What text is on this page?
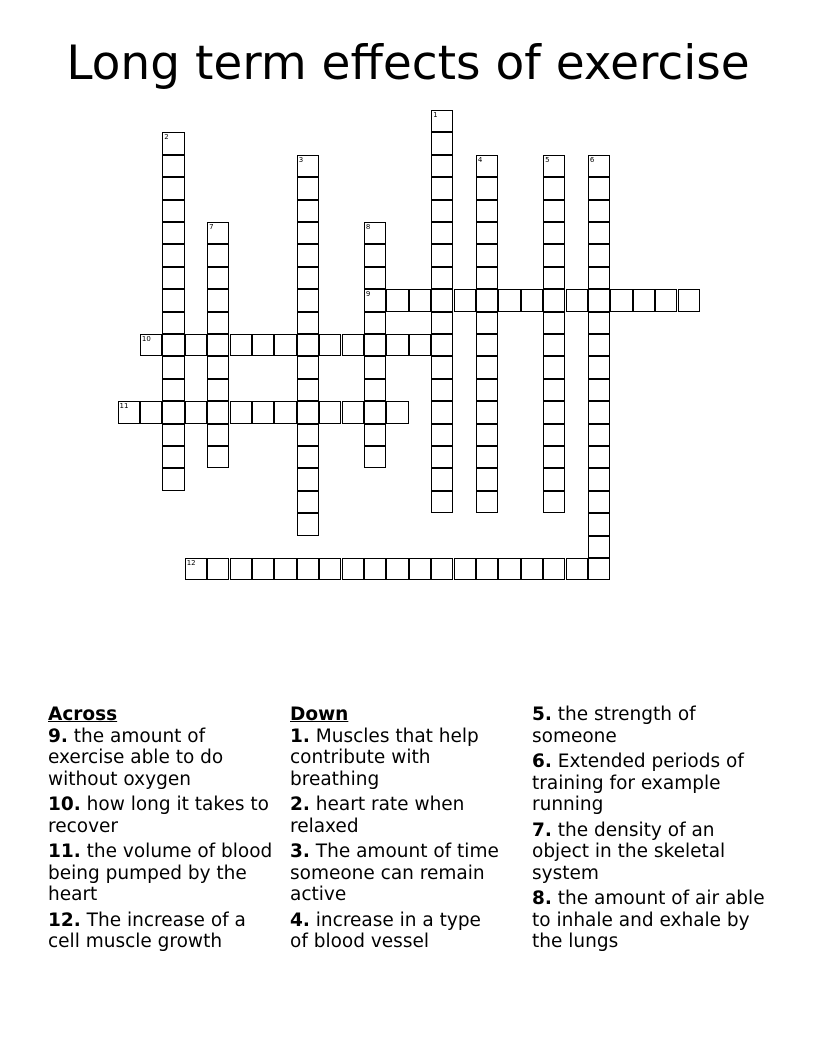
Long term effects of exercise
1
2
3	4	5	6
7	8
9
10
11
12
Across
9. the amount of exercise able to do without oxygen
10. how long it takes to recover
11. the volume of blood being pumped by the heart
12. The increase of a cell muscle growth
Down
1. Muscles that help contribute with breathing
2. heart rate when relaxed
3. The amount of time someone can remain active
4. increase in a type of blood vessel
5. the strength of someone
6. Extended periods of training for example running
7. the density of an object in the skeletal system
8. the amount of air able to inhale and exhale by the lungs
